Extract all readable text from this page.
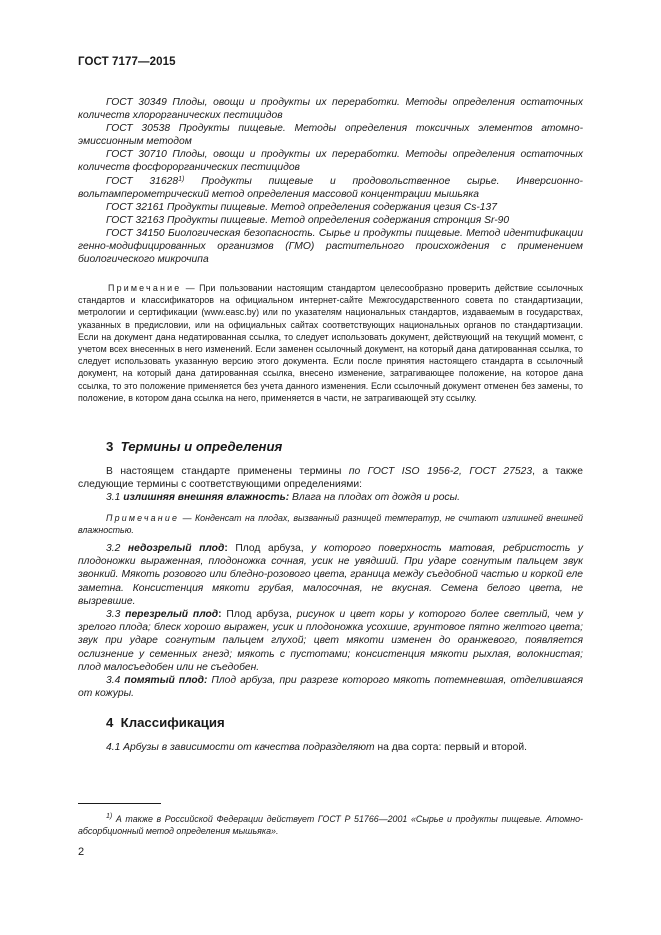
ГОСТ 7177—2015

ГОСТ 30349 Плоды, овощи и продукты их переработки. Методы определения остаточных количеств хлорорганических пестицидов

ГОСТ 30538 Продукты пищевые. Методы определения токсичных элементов атомно-эмиссионным методом

ГОСТ 30710 Плоды, овощи и продукты их переработки. Методы определения остаточных количеств фосфорорганических пестицидов

ГОСТ 31628$^{1)}$ Продукты пищевые и продовольственное сырье. Инверсионно-вольтамперометрический метод определения массовой концентрации мышьяка

ГОСТ 32161 Продукты пищевые. Метод определения содержания цезия Cs-137

ГОСТ 32163 Продукты пищевые. Метод определения содержания стронция Sr-90

ГОСТ 34150 Биологическая безопасность. Сырье и продукты пищевые. Метод идентификации генно-модифицированных организмов (ГМО) растительного происхождения с применением биологического микрочипа

Примечание — При пользовании настоящим стандартом целесообразно проверить действие ссылочных стандартов и классификаторов на официальном интернет-сайте Межгосударственного совета по стандартизации, метрологии и сертификации (www.easc.by) или по указателям национальных стандартов, издаваемым в государствах, указанных в предисловии, или на официальных сайтах соответствующих национальных органов по стандартизации. Если на документ дана недатированная ссылка, то следует использовать документ, действующий на текущий момент, с учетом всех внесенных в него изменений. Если заменен ссылочный документ, на который дана датированная ссылка, то следует использовать указанную версию этого документа. Если после принятия настоящего стандарта в ссылочный документ, на который дана датированная ссылка, внесено изменение, затрагивающее положение, на которое дана ссылка, то это положение применяется без учета данного изменения. Если ссылочный документ отменен без замены, то положение, в котором дана ссылка на него, применяется в части, не затрагивающей эту ссылку.

3 Термины и определения

В настоящем стандарте применены термины по ГОСТ ISO 1956-2, ГОСТ 27523, а также следующие термины с соответствующими определениями:

3.1 излишняя внешняя влажность: Влага на плодах от дождя и росы.

Примечание — Конденсат на плодах, вызванный разницей температур, не считают излишней внешней влажностью.

3.2 недозрелый плод: Плод арбуза, у которого поверхность матовая, ребристость у плодоножки выраженная, плодоножка сочная, усик не увядший. При ударе согнутым пальцем звук звонкий. Мякоть розового или бледно-розового цвета, граница между съедобной частью и коркой еле заметна. Консистенция мякоти грубая, малосочная, не вкусная. Семена белого цвета, не вызревшие.

3.3 перезрелый плод: Плод арбуза, рисунок и цвет коры у которого более светлый, чем у зрелого плода; блеск хорошо выражен, усик и плодоножка усохшие, грунтовое пятно желтого цвета; звук при ударе согнутым пальцем глухой; цвет мякоти изменен до оранжевого, появляется ослизнение у семенных гнезд; мякоть с пустотами; консистенция мякоти рыхлая, волокнистая; плод малосъедобен или не съедобен.

3.4 помятый плод: Плод арбуза, при разрезе которого мякоть потемневшая, отделившаяся от кожуры.

4 Классификация

4.1 Арбузы в зависимости от качества подразделяют на два сорта: первый и второй.

$^{1)}$ А также в Российской Федерации действует ГОСТ Р 51766—2001 «Сырье и продукты пищевые. Атомно-абсорбционный метод определения мышьяка».

2
